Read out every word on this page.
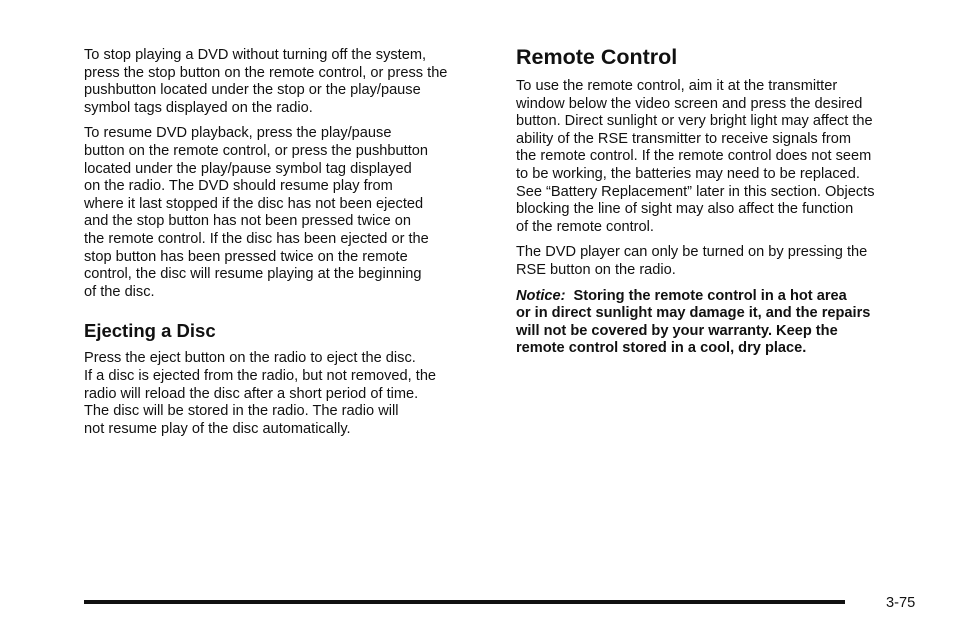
To stop playing a DVD without turning off the system,
press the stop button on the remote control, or press the
pushbutton located under the stop or the play/pause
symbol tags displayed on the radio.

To resume DVD playback, press the play/pause
button on the remote control, or press the pushbutton
located under the play/pause symbol tag displayed
on the radio. The DVD should resume play from
where it last stopped if the disc has not been ejected
and the stop button has not been pressed twice on
the remote control. If the disc has been ejected or the
stop button has been pressed twice on the remote
control, the disc will resume playing at the beginning
of the disc.

Ejecting a Disc

Press the eject button on the radio to eject the disc.
If a disc is ejected from the radio, but not removed, the
radio will reload the disc after a short period of time.
The disc will be stored in the radio. The radio will
not resume play of the disc automatically.

Remote Control

To use the remote control, aim it at the transmitter
window below the video screen and press the desired
button. Direct sunlight or very bright light may affect the
ability of the RSE transmitter to receive signals from
the remote control. If the remote control does not seem
to be working, the batteries may need to be replaced.
See “Battery Replacement” later in this section. Objects
blocking the line of sight may also affect the function
of the remote control.

The DVD player can only be turned on by pressing the
RSE button on the radio.

Notice: Storing the remote control in a hot area
or in direct sunlight may damage it, and the repairs
will not be covered by your warranty. Keep the
remote control stored in a cool, dry place.

3-75
